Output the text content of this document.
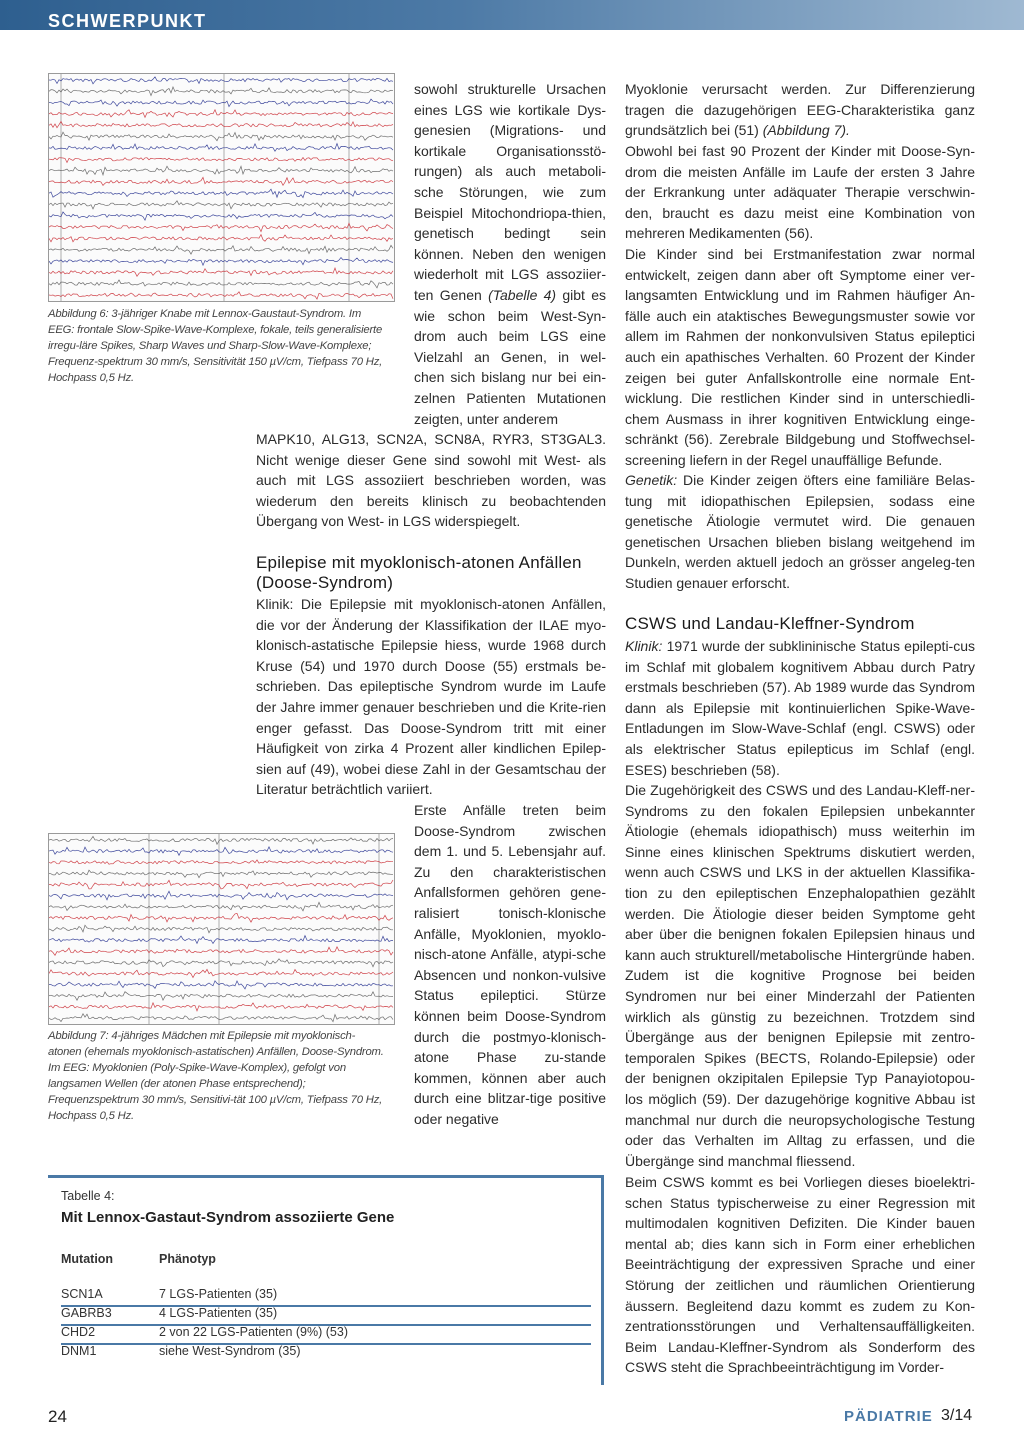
SCHWERPUNKT

Abbildung 6: 3-jähriger Knabe mit Lennox-Gaustaut-Syndrom. Im EEG: frontale Slow-Spike-Wave-Komplexe, fokale, teils generalisierte irregu-läre Spikes, Sharp Waves und Sharp-Slow-Wave-Komplexe; Frequenz-spektrum 30 mm/s, Sensitivität 150 µV/cm, Tiefpass 70 Hz, Hochpass 0,5 Hz.

sowohl strukturelle Ursachen eines LGS wie kortikale Dys-genesien (Migrations- und kortikale Organisationsstö-rungen) als auch metaboli-sche Störungen, wie zum Beispiel Mitochondriopa-thien, genetisch bedingt sein können. Neben den wenigen wiederholt mit LGS assoziier-ten Genen (Tabelle 4) gibt es wie schon beim West-Syn-drom auch beim LGS eine Vielzahl an Genen, in wel-chen sich bislang nur bei ein-zelnen Patienten Mutationen zeigten, unter anderem

MAPK10, ALG13, SCN2A, SCN8A, RYR3, ST3GAL3. Nicht wenige dieser Gene sind sowohl mit West- als auch mit LGS assoziiert beschrieben worden, was wiederum den bereits klinisch zu beobachtenden Übergang von West- in LGS widerspiegelt.

Epilepise mit myoklonisch-atonen Anfällen (Doose-Syndrom)

Klinik: Die Epilepsie mit myoklonisch-atonen Anfällen, die vor der Änderung der Klassifikation der ILAE myo-klonisch-astatische Epilepsie hiess, wurde 1968 durch Kruse (54) und 1970 durch Doose (55) erstmals be-schrieben. Das epileptische Syndrom wurde im Laufe der Jahre immer genauer beschrieben und die Krite-rien enger gefasst. Das Doose-Syndrom tritt mit einer Häufigkeit von zirka 4 Prozent aller kindlichen Epilep-sien auf (49), wobei diese Zahl in der Gesamtschau der Literatur beträchtlich variiert.

Abbildung 7: 4-jähriges Mädchen mit Epilepsie mit myoklonisch-atonen (ehemals myoklonisch-astatischen) Anfällen, Doose-Syndrom. Im EEG: Myoklonien (Poly-Spike-Wave-Komplex), gefolgt von langsamen Wellen (der atonen Phase entsprechend); Frequenzspektrum 30 mm/s, Sensitivi-tät 100 µV/cm, Tiefpass 70 Hz, Hochpass 0,5 Hz.

Erste Anfälle treten beim Doose-Syndrom zwischen dem 1. und 5. Lebensjahr auf. Zu den charakteristischen Anfallsformen gehören gene-ralisiert tonisch-klonische Anfälle, Myoklonien, myoklo-nisch-atone Anfälle, atypi-sche Absencen und nonkon-vulsive Status epileptici. Stürze können beim Doose-Syndrom durch die postmyo-klonisch-atone Phase zu-stande kommen, können aber auch durch eine blitzar-tige positive oder negative

Tabelle 4:
Mit Lennox-Gastaut-Syndrom assoziierte Gene
Mutation	Phänotyp
SCN1A	7 LGS-Patienten (35)
GABRB3	4 LGS-Patienten (35)
CHD2	2 von 22 LGS-Patienten (9%) (53)
DNM1	siehe West-Syndrom (35)

Myoklonie verursacht werden. Zur Differenzierung tragen die dazugehörigen EEG-Charakteristika ganz grundsätzlich bei (51) (Abbildung 7).

Obwohl bei fast 90 Prozent der Kinder mit Doose-Syn-drom die meisten Anfälle im Laufe der ersten 3 Jahre der Erkrankung unter adäquater Therapie verschwin-den, braucht es dazu meist eine Kombination von mehreren Medikamenten (56).

Die Kinder sind bei Erstmanifestation zwar normal entwickelt, zeigen dann aber oft Symptome einer ver-langsamten Entwicklung und im Rahmen häufiger An-fälle auch ein ataktisches Bewegungsmuster sowie vor allem im Rahmen der nonkonvulsiven Status epileptici auch ein apathisches Verhalten. 60 Prozent der Kinder zeigen bei guter Anfallskontrolle eine normale Ent-wicklung. Die restlichen Kinder sind in unterschiedli-chem Ausmass in ihrer kognitiven Entwicklung einge-schränkt (56). Zerebrale Bildgebung und Stoffwechsel-screening liefern in der Regel unauffällige Befunde.

Genetik: Die Kinder zeigen öfters eine familiäre Belas-tung mit idiopathischen Epilepsien, sodass eine genetische Ätiologie vermutet wird. Die genauen genetischen Ursachen blieben bislang weitgehend im Dunkeln, werden aktuell jedoch an grösser angeleg-ten Studien genauer erforscht.

CSWS und Landau-Kleffner-Syndrom

Klinik: 1971 wurde der subklininische Status epilepti-cus im Schlaf mit globalem kognitivem Abbau durch Patry erstmals beschrieben (57). Ab 1989 wurde das Syndrom dann als Epilepsie mit kontinuierlichen Spike-Wave-Entladungen im Slow-Wave-Schlaf (engl. CSWS) oder als elektrischer Status epilepticus im Schlaf (engl. ESES) beschrieben (58).

Die Zugehörigkeit des CSWS und des Landau-Kleff-ner-Syndroms zu den fokalen Epilepsien unbekannter Ätiologie (ehemals idiopathisch) muss weiterhin im Sinne eines klinischen Spektrums diskutiert werden, wenn auch CSWS und LKS in der aktuellen Klassifika-tion zu den epileptischen Enzephalopathien gezählt werden. Die Ätiologie dieser beiden Symptome geht aber über die benignen fokalen Epilepsien hinaus und kann auch strukturell/metabolische Hintergründe haben. Zudem ist die kognitive Prognose bei beiden Syndromen nur bei einer Minderzahl der Patienten wirklich als günstig zu bezeichnen. Trotzdem sind Übergänge aus der benignen Epilepsie mit zentro-temporalen Spikes (BECTS, Rolando-Epilepsie) oder der benignen okzipitalen Epilepsie Typ Panayiotopou-los möglich (59). Der dazugehörige kognitive Abbau ist manchmal nur durch die neuropsychologische Testung oder das Verhalten im Alltag zu erfassen, und die Übergänge sind manchmal fliessend.

Beim CSWS kommt es bei Vorliegen dieses bioelektri-schen Status typischerweise zu einer Regression mit multimodalen kognitiven Defiziten. Die Kinder bauen mental ab; dies kann sich in Form einer erheblichen Beeinträchtigung der expressiven Sprache und einer Störung der zeitlichen und räumlichen Orientierung äussern. Begleitend dazu kommt es zudem zu Kon-zentrationsstörungen und Verhaltensauffälligkeiten. Beim Landau-Kleffner-Syndrom als Sonderform des CSWS steht die Sprachbeeinträchtigung im Vorder-

24	PÄDIATRIE 3/14
